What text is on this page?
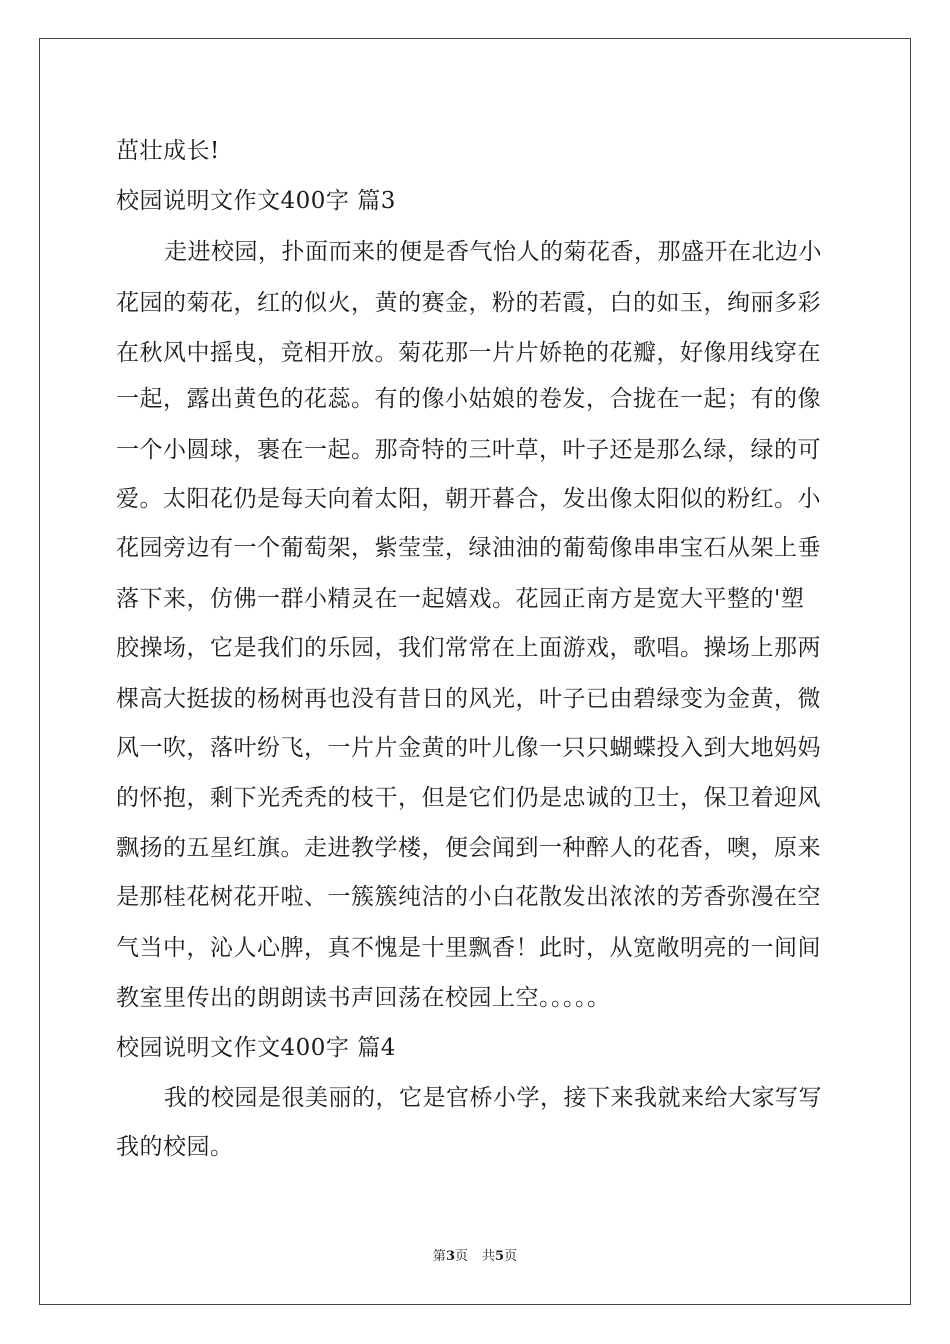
茁壮成长!
校园说明文作文400字 篇3
走进校园，扑面而来的便是香气怡人的菊花香，那盛开在北边小
花园的菊花，红的似火，黄的赛金，粉的若霞，白的如玉，绚丽多彩
在秋风中摇曳，竞相开放。菊花那一片片娇艳的花瓣，好像用线穿在
一起，露出黄色的花蕊。有的像小姑娘的卷发，合拢在一起；有的像
一个小圆球，裹在一起。那奇特的三叶草，叶子还是那么绿，绿的可
爱。太阳花仍是每天向着太阳，朝开暮合，发出像太阳似的粉红。小
花园旁边有一个葡萄架，紫莹莹，绿油油的葡萄像串串宝石从架上垂
落下来，仿佛一群小精灵在一起嬉戏。花园正南方是宽大平整的'塑
胶操场，它是我们的乐园，我们常常在上面游戏，歌唱。操场上那两
棵高大挺拔的杨树再也没有昔日的风光，叶子已由碧绿变为金黄，微
风一吹，落叶纷飞，一片片金黄的叶儿像一只只蝴蝶投入到大地妈妈
的怀抱，剩下光秃秃的枝干，但是它们仍是忠诚的卫士，保卫着迎风
飘扬的五星红旗。走进教学楼，便会闻到一种醉人的花香，噢，原来
是那桂花树花开啦、一簇簇纯洁的小白花散发出浓浓的芳香弥漫在空
气当中，沁人心脾，真不愧是十里飘香！此时，从宽敞明亮的一间间
教室里传出的朗朗读书声回荡在校园上空。。。。。
校园说明文作文400字 篇4
我的校园是很美丽的，它是官桥小学，接下来我就来给大家写写
我的校园。
第3页 共5页
